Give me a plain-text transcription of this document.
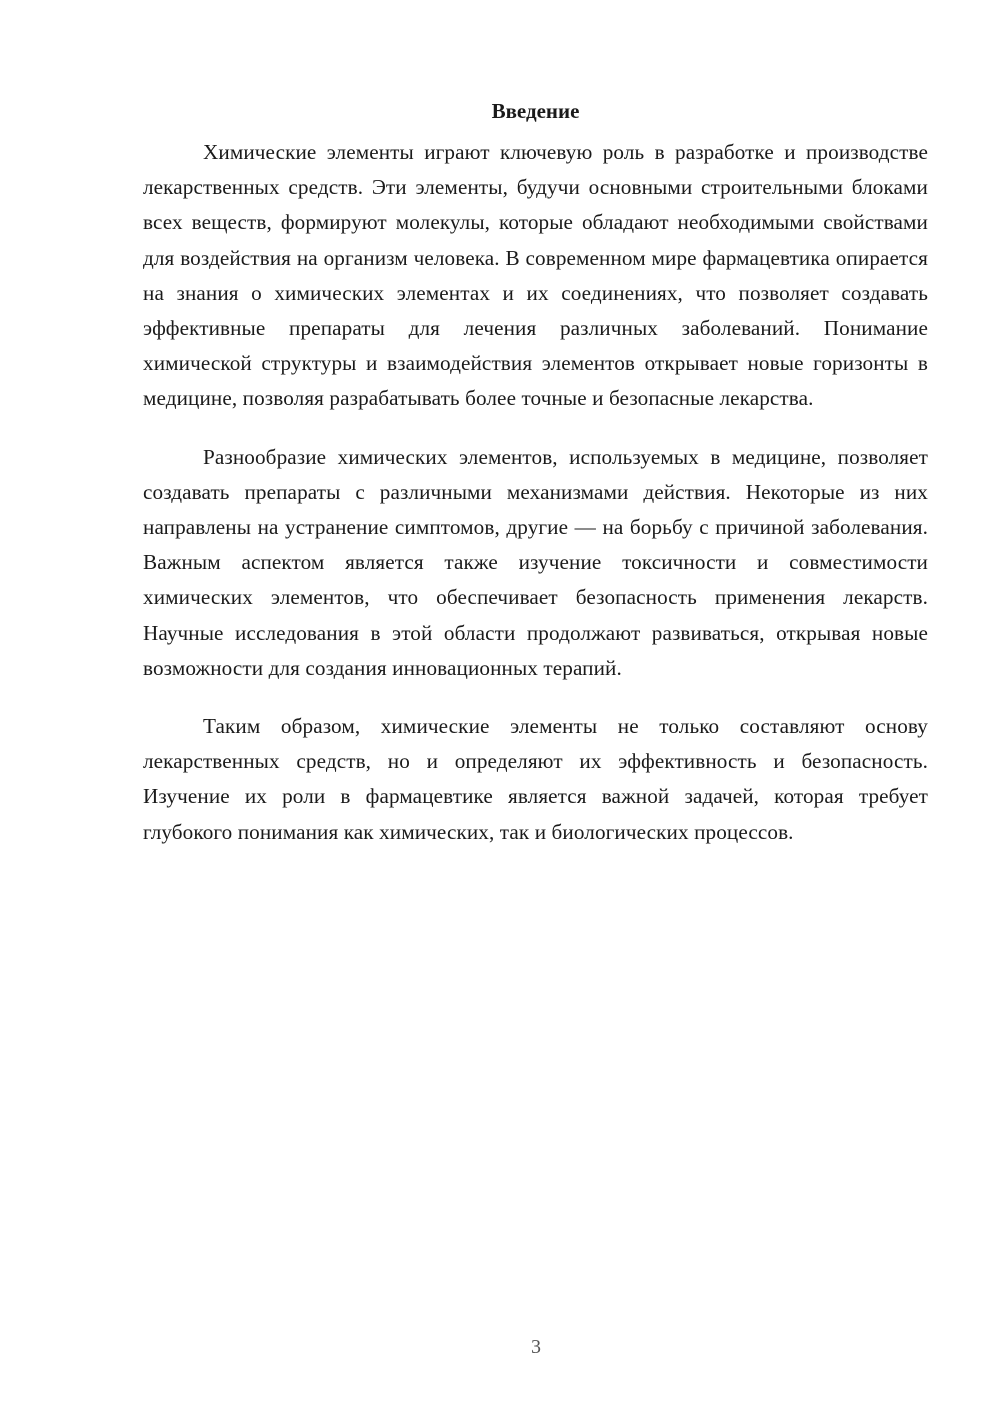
Введение

Химические элементы играют ключевую роль в разработке и производстве лекарственных средств. Эти элементы, будучи основными строительными блоками всех веществ, формируют молекулы, которые обладают необходимыми свойствами для воздействия на организм человека. В современном мире фармацевтика опирается на знания о химических элементах и их соединениях, что позволяет создавать эффективные препараты для лечения различных заболеваний. Понимание химической структуры и взаимодействия элементов открывает новые горизонты в медицине, позволяя разрабатывать более точные и безопасные лекарства.

Разнообразие химических элементов, используемых в медицине, позволяет создавать препараты с различными механизмами действия. Некоторые из них направлены на устранение симптомов, другие — на борьбу с причиной заболевания. Важным аспектом является также изучение токсичности и совместимости химических элементов, что обеспечивает безопасность применения лекарств. Научные исследования в этой области продолжают развиваться, открывая новые возможности для создания инновационных терапий.

Таким образом, химические элементы не только составляют основу лекарственных средств, но и определяют их эффективность и безопасность. Изучение их роли в фармацевтике является важной задачей, которая требует глубокого понимания как химических, так и биологических процессов.

3
